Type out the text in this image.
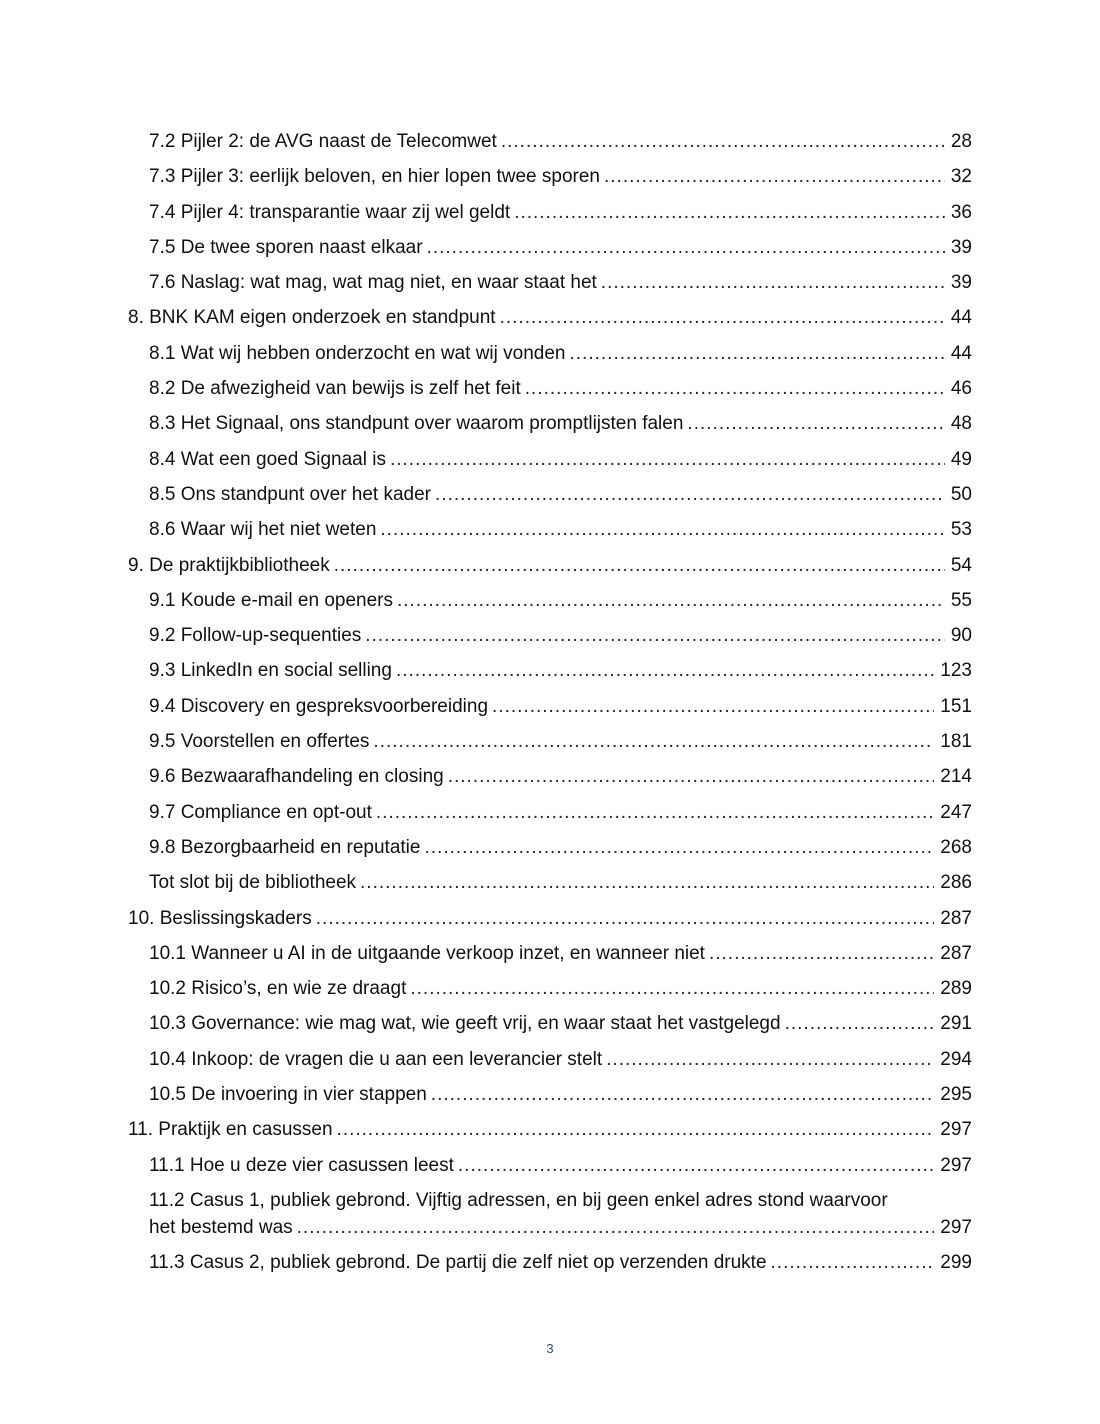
7.2 Pijler 2: de AVG naast de Telecomwet .....	28
7.3 Pijler 3: eerlijk beloven, en hier lopen twee sporen .....	32
7.4 Pijler 4: transparantie waar zij wel geldt .....	36
7.5 De twee sporen naast elkaar .....	39
7.6 Naslag: wat mag, wat mag niet, en waar staat het .....	39
8. BNK KAM eigen onderzoek en standpunt .....	44
8.1 Wat wij hebben onderzocht en wat wij vonden .....	44
8.2 De afwezigheid van bewijs is zelf het feit .....	46
8.3 Het Signaal, ons standpunt over waarom promptlijsten falen .....	48
8.4 Wat een goed Signaal is .....	49
8.5 Ons standpunt over het kader .....	50
8.6 Waar wij het niet weten .....	53
9. De praktijkbibliotheek .....	54
9.1 Koude e-mail en openers .....	55
9.2 Follow-up-sequenties .....	90
9.3 LinkedIn en social selling .....	123
9.4 Discovery en gespreksvoorbereiding .....	151
9.5 Voorstellen en offertes .....	181
9.6 Bezwaarafhandeling en closing .....	214
9.7 Compliance en opt-out .....	247
9.8 Bezorgbaarheid en reputatie .....	268
Tot slot bij de bibliotheek .....	286
10. Beslissingskaders .....	287
10.1 Wanneer u AI in de uitgaande verkoop inzet, en wanneer niet .....	287
10.2 Risico’s, en wie ze draagt .....	289
10.3 Governance: wie mag wat, wie geeft vrij, en waar staat het vastgelegd .....	291
10.4 Inkoop: de vragen die u aan een leverancier stelt .....	294
10.5 De invoering in vier stappen .....	295
11. Praktijk en casussen .....	297
11.1 Hoe u deze vier casussen leest .....	297
11.2 Casus 1, publiek gebrond. Vijftig adressen, en bij geen enkel adres stond waarvoor
het bestemd was .....	297
11.3 Casus 2, publiek gebrond. De partij die zelf niet op verzenden drukte .....	299
3
